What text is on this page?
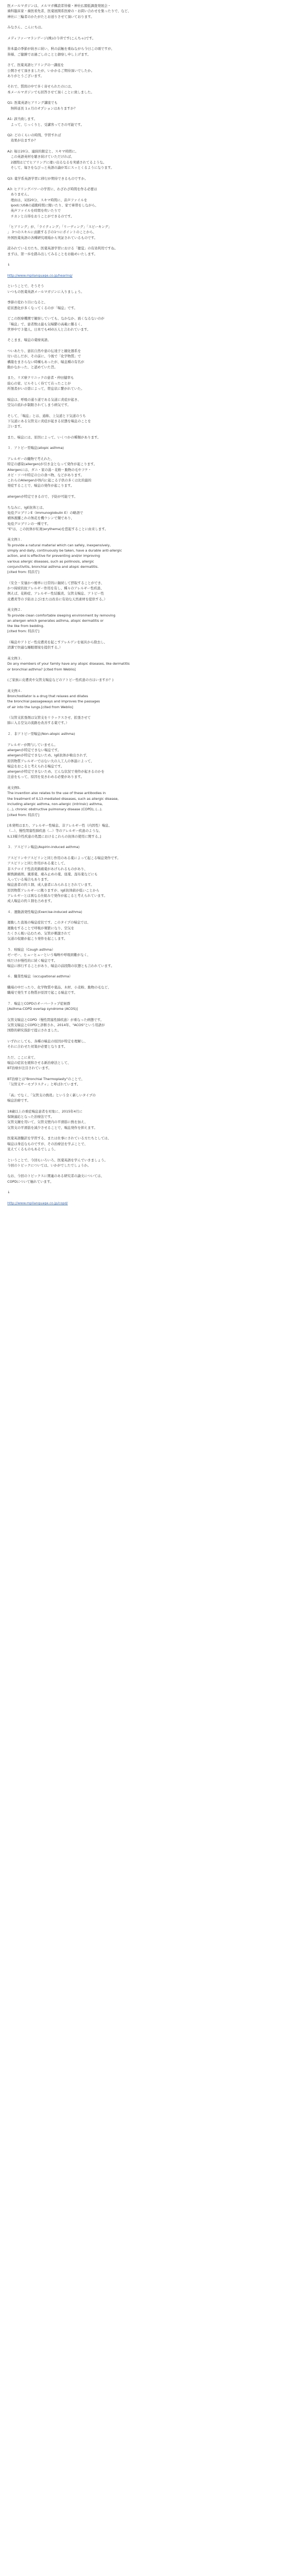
医メールマガジンは、メルマガ構読者皆様・神社仏閣低調査発展会・
歯科臨床家・歯医看先者、医薬展開系医療の・お問い合わせを集ったりで、など、
神社に三輪者のかたがたとお送りさせて頂いております。
みなさん、こんにちは。
メディファーマランゲージ(株)の今井です(こんちゃ)です。
皆本最の季節が続きに続い、秋の前触を重ねながら今日この頃ですが、
皆様、ご健勝でお過ごしのことと御察し申し上げます。
さて、医薬英語ヒアリングの一講座を
公開させて頂きましたが、いかかるご期待頂いでしたか。
ありがとうございます。
それで、質問の中で多く寄せられたのには、
本メールマガジンでも回答させて頂くことに致しました。
Q1: 医薬英語ヒアリング講座でも
　無料延長 1ヵ月のオプションはありますか？
A1: 該当致します。
　よって、じっくりと、受講客ってさの可能です。
Q2: どのくらいの時間、学習すれば
　効果が出ますか？
A2: 毎日20分、連続的限定と、スキマ時間に。
　この英語英材を聴き続けていただければ、
　2週間はどでヒアリングに違い出るなるを実感されてるような。
　そして、毎さをなびっと英語の論が耳にスッとくるようになります。
Q3: 薬学系英語学習に移行が期待できるものですか。
A3: ヒアリングパワーの学習に、わざわざ時間を作る必要は
　ありません。
　理由は、1回20分、スキマ時間に、音声ファイルを
　ipodにUSBの通勤時間に聞いたり、家で車帯をしながら、
　英声ファイルを時間を吹いたりで
　チカンと自得をおうことができるのです。
「ヒアリング」が、「ライティング」「リーディング」「スピーキング」
」 3つのスキルに貢献する手の1つにポイントのことから、
外国医薬英語の各種研究現場から実証されているものです。
読みれている方たち、医薬英語学習における「聴覚」の有効利用ですね。
まずは、第一歩を踏み出してみることをお勧めいたします。
↓
http://www.mpilanguage.co.jp/hearing/
ということで、そうそう
いつもの医薬英語メールマガジンに入りましょう。
季節の変わり目になると、
症状悪化が多くなってくるのが「喘息」です。
どこの医療機関で観察していても、なかなか、面くなるないのが
「喘息」で、患者数は最も気喘鬱の高載に難るく、
世界中で３億人、日本でも450万人と言われています。
そこまま、喘息の薬療英語。
ついあたり、患状自然や患の伝達子と観化器系を
付い出しだが、その前に、今後で「化学物質」で
構築をまさらない時構もあったが、喘息種の有名が
動かなかった、と認めていた旨。
また、リズ療クリニックの患者・仲田健率も
絵心の家、ビルそしく待てて在ったことが
所領者がいの第によって、帯息状に繋がれていた。
喘息は、呼吸の通り道である気道に炎症が起き、
空気の流れが制限されてしまう病気です。
そして、「喘息」とは、通称、上気道と下気道のうち
下気道にある気管支に炎症が起きる状態を喘息のことを
言います。
また、喘息には、原因によって、いくつかの種類があります。
１．アトピー型喘息(atopic asthma)
アレルギーの織物で考えれた、
特定の感染(allergen)が引き金となって発作が起こります。
Allergenには、ダニ・家の湯・花粉・動物の毛やフケ・
カビ・ソバや特定の公の食べ物、などがあります。
これらのAllergenが体内に起こる子供の多くは比的最的
発症することで、喘息の発作が起こります。
allergenが特定できるので、予防が可能です。
ちなみに、IgE抗体とは、
免疫グロブリンE（Immunoglobulin E）の略語で
補体液腫これの無花を機ウシンで類であり、
免疫グロブリンの一種です。
"E"は、この抗体が紅斑(erythema)を惹起することに由来します。
英文例１.
To provide a natural material which can safely, inexpensively,
simply and daily, continuously be taken, have a durable anti-allergic
action, and is effective for preventing and/or improving
various allergic diseases, such as pollinosis, allergic
conjunctivitis, bronchial asthma and atopic dermatitis.
[cited from: 特許庁]
（安全・安価かつ簡単に日常的に継続して摂取することができ、
かつ持続的抗アレルギー作用を有し、種々のアレルギー性疾患、
例えば、花粉症、アレルギー性結膜炎、気管支喘息、アトピー性
皮膚炎等の予防および/または改善に有効な天然素材を提供する。）
英文例２.
To provide clean comfortable sleeping environment by removing
an allergen which generates asthma, atopic dermatitis or
the like from bedding.
[cited from: 特許庁]
（喘息やアトピー性皮膚炎を起こすアレルゲンを寝具から除去し、
清潔で快適な睡眠環境を提供する。）
英文例３.
Do any members of your family have any atopic diseases, like dermatitis
or bronchial asthma? [cited from Weblio]
(ご家族に皮膚炎や気管支喘息などのアトピー性疾患の方はいますか？)
英文例４.
Bronchodilator is a drug that relaxes and dilates
the bronchial passageways and improves the passages
of air into the lungs.[cited from Weblio]
（気管支拡張剤は気管支をリラックスさせ、拡張させて
肺に入る空気の流路を改善する薬です。）
２．非アトピー型喘息(Non-atopic asthma)
アレルギーが関与していません。
allergenが特定できない喘息です。
allergenが特定できないため、IgE抗体が検出されず、
原因物質アレルギーではない大の人工人の体温によって、
喘息をおこると考えられる喘息です。
allergenが特定できないため、どんな状況で発作が起きるのかを
注意をもって、原因を見きわめる必要があります。
英文例5.
The invention also relates to the use of these antibodies in
the treatment of IL13-mediated diseases, such as allergic disease,
including allergic asthma, non-allergic (intrinsic) asthma,
(...), chronic obstructive pulmonary disease (COPD), (...).
[cited from: 特許庁]
[本発明はまた、アレルギー性喘息、非アレルギー性（内因性）喘息、
（...）、慢性閉塞性肺疾患（...）等のアレルギー疾患のような、
IL13媒介性疾患の処置におけるこれらの抗体の使用に関する。]
３．アスピリン喘息(Aspirin-induced asthma)
アスピリンやアスピリンと同じ作用のある薬によって起こる喘息発作です。
アスピリンと同じ作用がある薬として、
非ステロイド性消炎鎮痛薬があげられるものがあり、
解熱鎮痛剤、風邪薬、痛み止めの薬、座薬、湿布薬などにも
入っている場合もあります。
喘息患者の約１割、成人患者にみられるとされています。
原因物質アレルギーに拠りますが、IgE抗体値が低いことから
アレルギーとは異なる仕組みで発作が起こると考えられています。
成人喘息の約１割を占めます。
４．運動誘発性喘息(Exercise-induced asthma)
運動した直後の喘息症状です。このタイプの喘息では、
運動をすることで呼吸が頻繁になり、空気を
たくさん吸い込むため、気管が刺激されて
気道の収縮が起こり発作を起こします。
５．咳喘息（Cough asthma）
ゼーゼー、ヒューヒューという喘鳴や呼吸困難がなく、
咳だけが慢性的に続く喘息です。
喘息に移行することがあり、喘息の前段階の状態とも言われています。
６．職業性喘息（occupational asthma）
職場の中だったり、化学物質や薬品、木材、小麦粉、動物の毛など、
職場で発生する物質が原因で起こる喘息です。
７．喘息とCOPDのオーバーラップ症候群
[Asthma-COPD overlap syndrome (ACOS)]
気管支喘息とCOPD（慢性閉塞性肺疾患）が重なった病態です。
気管支喘息とCOPDと診断され、2014年、"ACOS"という用語が
国際的研究指針で提示されました。
いずれにしても、各種の喘息の原因が特定を理解し、
それに合わせた対策が必要となります。
ただ、ここに来て、
喘息の症状を緩和させる新治療法として、
BT治療が注目されています。
BT治療とは"Bronchial Thermoplasty"のことで、
「気管支サーモプラスティ」と呼ばれています。
「高」でなく、「気管支の熱処」という全く新しいタイプの
喘息治療です。
18歳以上の重症喘息患者を対象に、2015年4月に
保険適応となった治療法です。
気管支鏡を用いて、気管支壁内の平滑筋に熱を加え、
気管支の平滑筋を減少させることで、喘息発作を抑えます。
医薬英語翻訳を学習する、または仕事にされている方たちとしては、
喘息は身近なものですが、その治療法を学ぶことで、
見えてくるものもあるでしょう。
ということで、今回もいろいろ、医薬英語を学んでいきましょう。
今回のトピックについては、いかがでしたでしょうか。
なお、今回のトピックスに関連のある研究者の論文については、
COPDについて触れています。
↓
http://www.mpilanguage.co.jp/copd/
